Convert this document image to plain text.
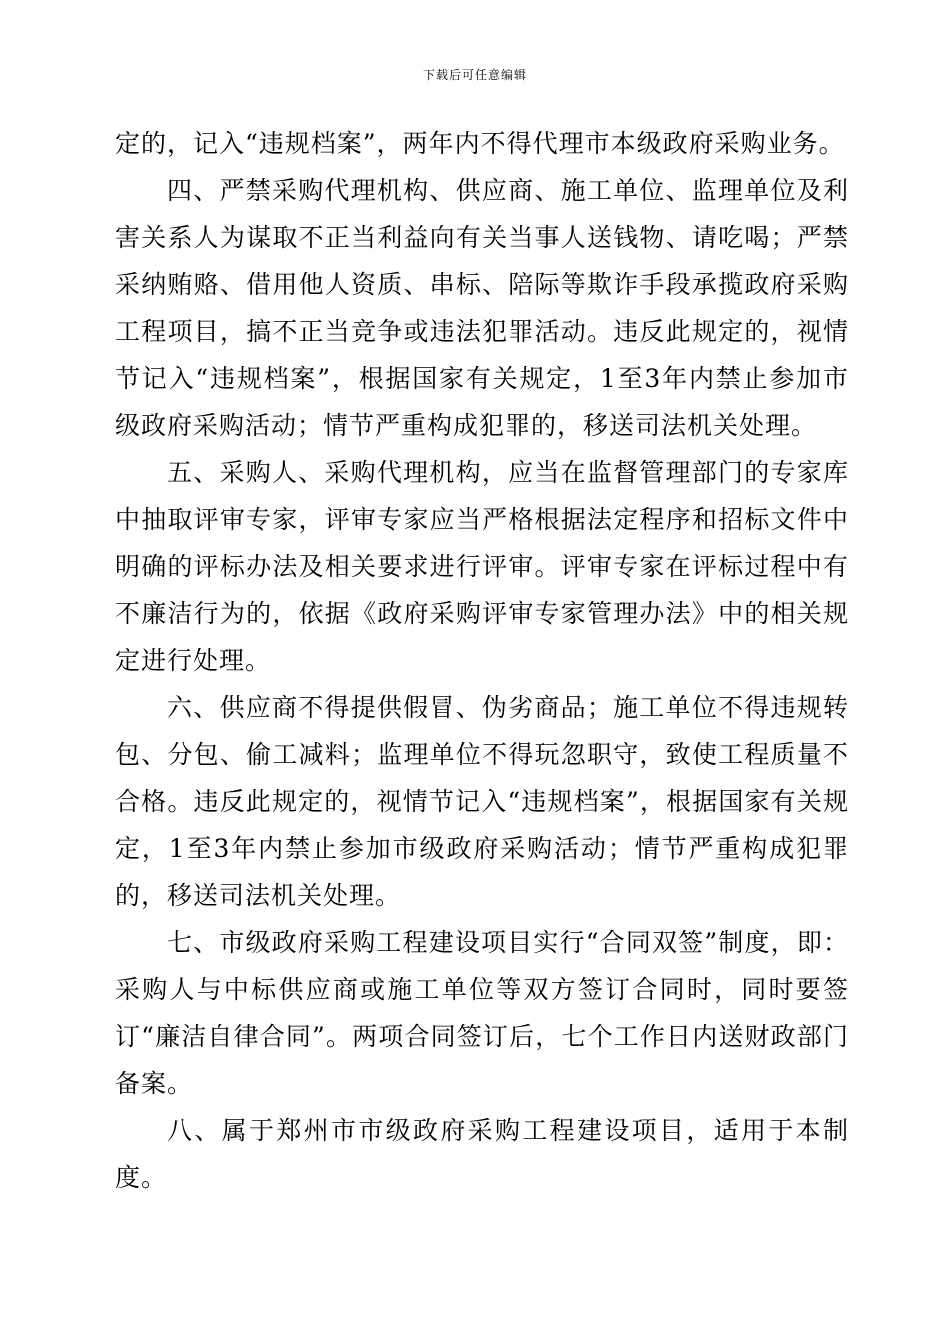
下载后可任意编辑

定的，记入“违规档案”，两年内不得代理市本级政府采购业务。

四、严禁采购代理机构、供应商、施工单位、监理单位及利害关系人为谋取不正当利益向有关当事人送钱物、请吃喝；严禁采纳贿赂、借用他人资质、串标、陪际等欺诈手段承揽政府采购工程项目，搞不正当竞争或违法犯罪活动。违反此规定的，视情节记入“违规档案”，根据国家有关规定，1至3年内禁止参加市级政府采购活动；情节严重构成犯罪的，移送司法机关处理。

五、采购人、采购代理机构，应当在监督管理部门的专家库中抽取评审专家，评审专家应当严格根据法定程序和招标文件中明确的评标办法及相关要求进行评审。评审专家在评标过程中有不廉洁行为的，依据《政府采购评审专家管理办法》中的相关规定进行处理。

六、供应商不得提供假冒、伪劣商品；施工单位不得违规转包、分包、偷工减料；监理单位不得玩忽职守，致使工程质量不合格。违反此规定的，视情节记入“违规档案”，根据国家有关规定，1至3年内禁止参加市级政府采购活动；情节严重构成犯罪的，移送司法机关处理。

七、市级政府采购工程建设项目实行“合同双签”制度，即：采购人与中标供应商或施工单位等双方签订合同时，同时要签订“廉洁自律合同”。两项合同签订后，七个工作日内送财政部门备案。

八、属于郑州市市级政府采购工程建设项目，适用于本制度。
